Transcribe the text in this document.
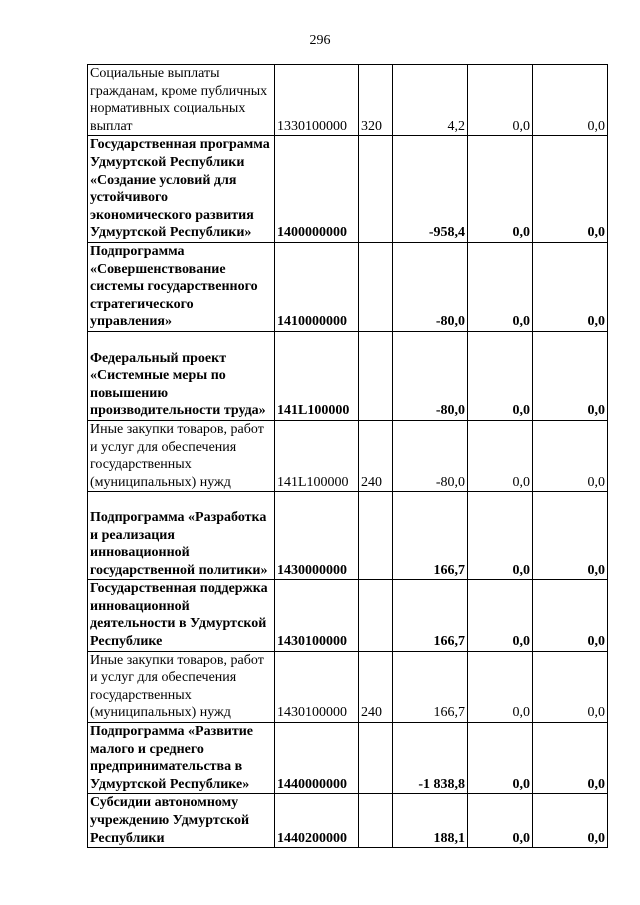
296
Социальные выплаты гражданам, кроме публичных нормативных социальных выплат	1330100000	320	4,2	0,0	0,0
Государственная программа Удмуртской Республики «Создание условий для устойчивого экономического развития Удмуртской Республики»	1400000000		-958,4	0,0	0,0
Подпрограмма «Совершенствование системы государственного стратегического управления»	1410000000		-80,0	0,0	0,0
Федеральный проект «Системные меры по повышению производительности труда»	141L100000		-80,0	0,0	0,0
Иные закупки товаров, работ и услуг для обеспечения государственных (муниципальных) нужд	141L100000	240	-80,0	0,0	0,0
Подпрограмма «Разработка и реализация инновационной государственной политики»	1430000000		166,7	0,0	0,0
Государственная поддержка инновационной деятельности в Удмуртской Республике	1430100000		166,7	0,0	0,0
Иные закупки товаров, работ и услуг для обеспечения государственных (муниципальных) нужд	1430100000	240	166,7	0,0	0,0
Подпрограмма «Развитие малого и среднего предпринимательства в Удмуртской Республике»	1440000000		-1 838,8	0,0	0,0
Субсидии автономному учреждению Удмуртской Республики	1440200000		188,1	0,0	0,0
